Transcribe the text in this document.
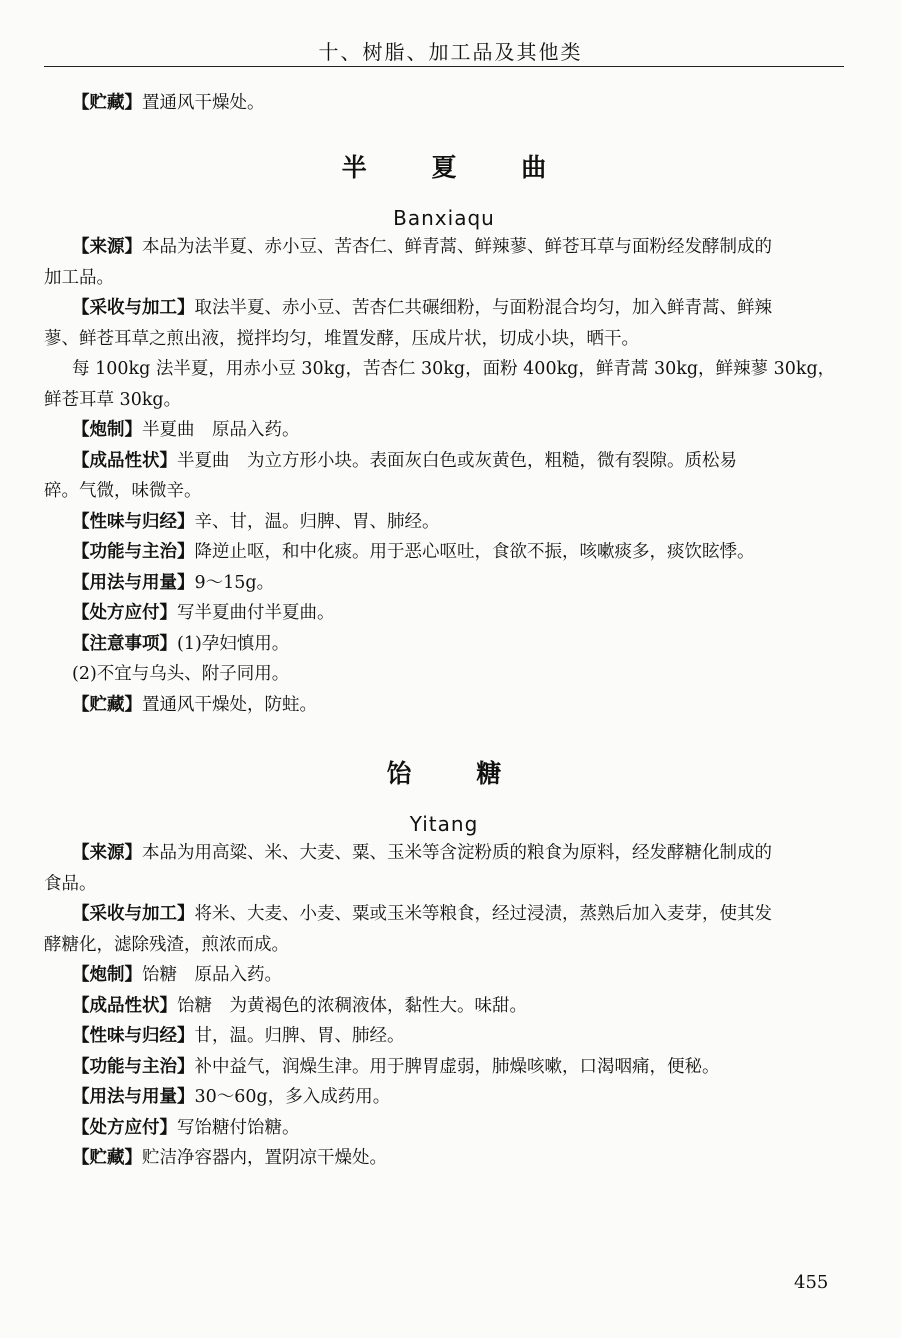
十、树脂、加工品及其他类

【贮藏】置通风干燥处。

半 夏 曲
Banxiaqu

【来源】本品为法半夏、赤小豆、苦杏仁、鲜青蒿、鲜辣蓼、鲜苍耳草与面粉经发酵制成的

加工品。

【采收与加工】取法半夏、赤小豆、苦杏仁共碾细粉，与面粉混合均匀，加入鲜青蒿、鲜辣

蓼、鲜苍耳草之煎出液，搅拌均匀，堆置发酵，压成片状，切成小块，晒干。

每 100kg 法半夏，用赤小豆 30kg，苦杏仁 30kg，面粉 400kg，鲜青蒿 30kg，鲜辣蓼 30kg，

鲜苍耳草 30kg。

【炮制】半夏曲　原品入药。

【成品性状】半夏曲　为立方形小块。表面灰白色或灰黄色，粗糙，微有裂隙。质松易

碎。气微，味微辛。

【性味与归经】辛、甘，温。归脾、胃、肺经。

【功能与主治】降逆止呕，和中化痰。用于恶心呕吐，食欲不振，咳嗽痰多，痰饮眩悸。

【用法与用量】9～15g。

【处方应付】写半夏曲付半夏曲。

【注意事项】(1)孕妇慎用。

(2)不宜与乌头、附子同用。

【贮藏】置通风干燥处，防蛀。

饴 糖
Yitang

【来源】本品为用高粱、米、大麦、粟、玉米等含淀粉质的粮食为原料，经发酵糖化制成的

食品。

【采收与加工】将米、大麦、小麦、粟或玉米等粮食，经过浸渍，蒸熟后加入麦芽，使其发

酵糖化，滤除残渣，煎浓而成。

【炮制】饴糖　原品入药。

【成品性状】饴糖　为黄褐色的浓稠液体，黏性大。味甜。

【性味与归经】甘，温。归脾、胃、肺经。

【功能与主治】补中益气，润燥生津。用于脾胃虚弱，肺燥咳嗽，口渴咽痛，便秘。

【用法与用量】30～60g，多入成药用。

【处方应付】写饴糖付饴糖。

【贮藏】贮洁净容器内，置阴凉干燥处。

455
